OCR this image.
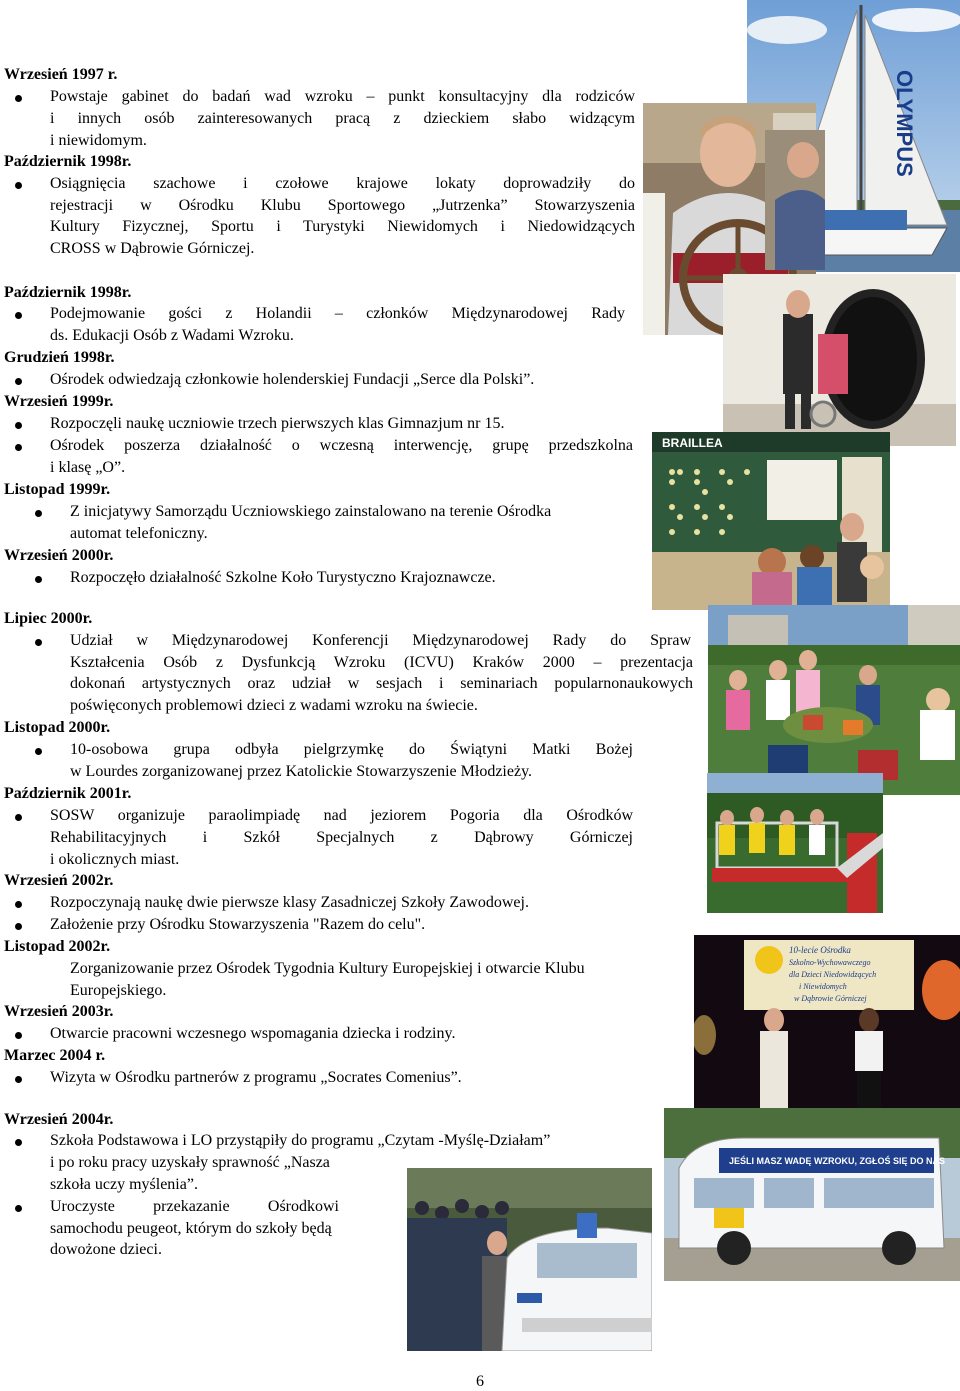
OLYMPUS
BRAILLEA
10-lecie Ośrodka
Szkolno-Wychowawczego
dla Dzieci Niedowidzących
i Niewidomych
w Dąbrowie Górniczej
JEŚLI MASZ WADĘ WZROKU, ZGŁOŚ SIĘ DO NAS
Wrzesień 1997 r.
Powstaje gabinet do badań wad wzroku – punkt konsultacyjny dla rodziców
i innych osób zainteresowanych pracą z dzieckiem słabo widzącym
i niewidomym.
Październik 1998r.
Osiągnięcia szachowe i czołowe krajowe lokaty doprowadziły do
rejestracji w Ośrodku Klubu Sportowego „Jutrzenka” Stowarzyszenia
Kultury Fizycznej, Sportu i Turystyki Niewidomych i Niedowidzących
CROSS w Dąbrowie Górniczej.
Październik 1998r.
Podejmowanie gości z Holandii – członków Międzynarodowej Rady
ds. Edukacji Osób z Wadami Wzroku.
Grudzień 1998r.
Ośrodek odwiedzają członkowie holenderskiej Fundacji „Serce dla Polski”.
Wrzesień 1999r.
Rozpoczęli naukę uczniowie trzech pierwszych klas Gimnazjum nr 15.
Ośrodek poszerza działalność o wczesną interwencję, grupę przedszkolna
i klasę „O”.
Listopad 1999r.
Z inicjatywy Samorządu Uczniowskiego zainstalowano na terenie Ośrodka
automat telefoniczny.
Wrzesień 2000r.
Rozpoczęło działalność Szkolne Koło Turystyczno Krajoznawcze.
Lipiec 2000r.
Udział w Międzynarodowej Konferencji Międzynarodowej Rady do Spraw
Kształcenia Osób z Dysfunkcją Wzroku (ICVU) Kraków 2000 – prezentacja
dokonań artystycznych oraz udział w sesjach i seminariach popularnonaukowych
poświęconych problemowi dzieci z wadami wzroku na świecie.
Listopad 2000r.
10-osobowa grupa odbyła pielgrzymkę do Świątyni Matki Bożej
w Lourdes zorganizowanej przez Katolickie Stowarzyszenie Młodzieży.
Październik 2001r.
SOSW organizuje paraolimpiadę nad jeziorem Pogoria dla Ośrodków
Rehabilitacyjnych i Szkół Specjalnych z Dąbrowy Górniczej
i okolicznych miast.
Wrzesień 2002r.
Rozpoczynają naukę dwie pierwsze klasy Zasadniczej Szkoły Zawodowej.
Założenie przy Ośrodku Stowarzyszenia "Razem do celu".
Listopad 2002r.
Zorganizowanie przez Ośrodek Tygodnia Kultury Europejskiej i otwarcie Klubu
Europejskiego.
Wrzesień 2003r.
Otwarcie pracowni wczesnego wspomagania dziecka i rodziny.
Marzec 2004 r.
Wizyta w Ośrodku partnerów z programu „Socrates Comenius”.
Wrzesień 2004r.
Szkoła Podstawowa i LO przystąpiły do programu „Czytam -Myślę-Działam”
i po roku pracy uzyskały sprawność „Nasza
szkoła uczy myślenia”.
Uroczyste przekazanie Ośrodkowi
samochodu peugeot, którym do szkoły będą
dowożone dzieci.
6
